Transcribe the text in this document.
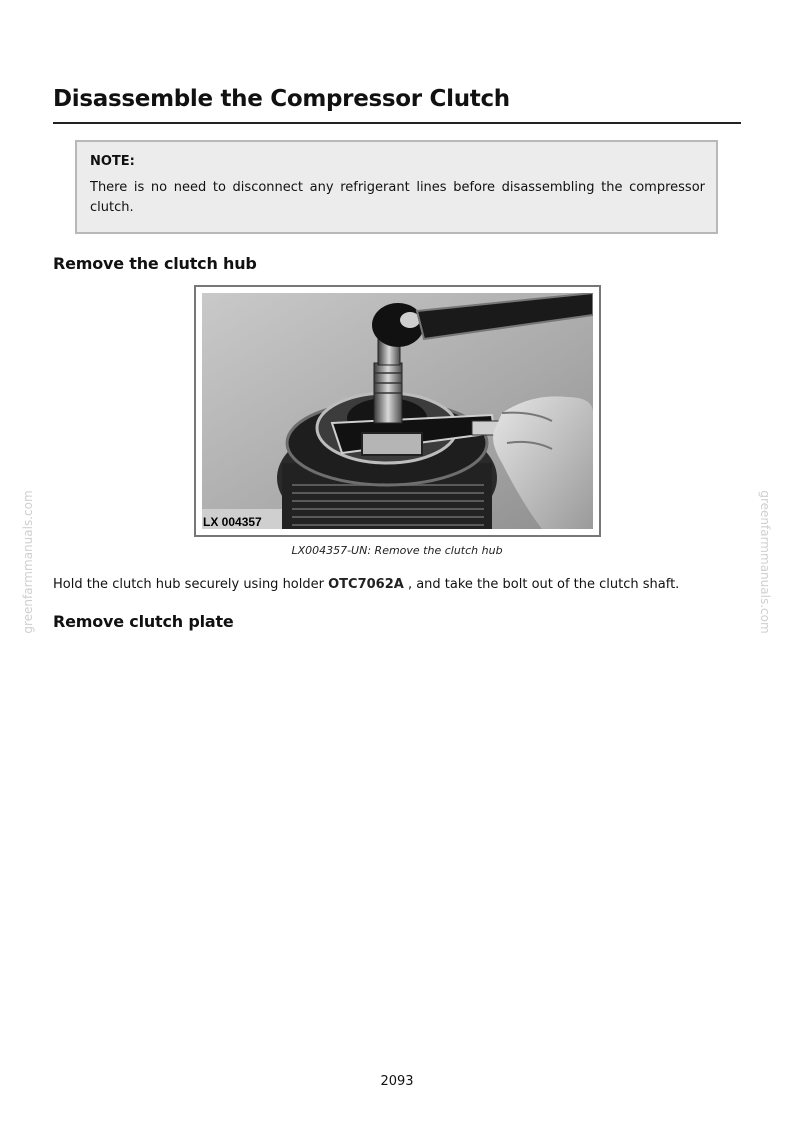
Disassemble the Compressor Clutch
NOTE:
There is no need to disconnect any refrigerant lines before disassembling the compressor clutch.
Remove the clutch hub
LX 004357
LX004357-UN: Remove the clutch hub
Hold the clutch hub securely using holder OTC7062A , and take the bolt out of the clutch shaft.
Remove clutch plate
greenfarmmanuals.com	greenfarmmanuals.com
2093
